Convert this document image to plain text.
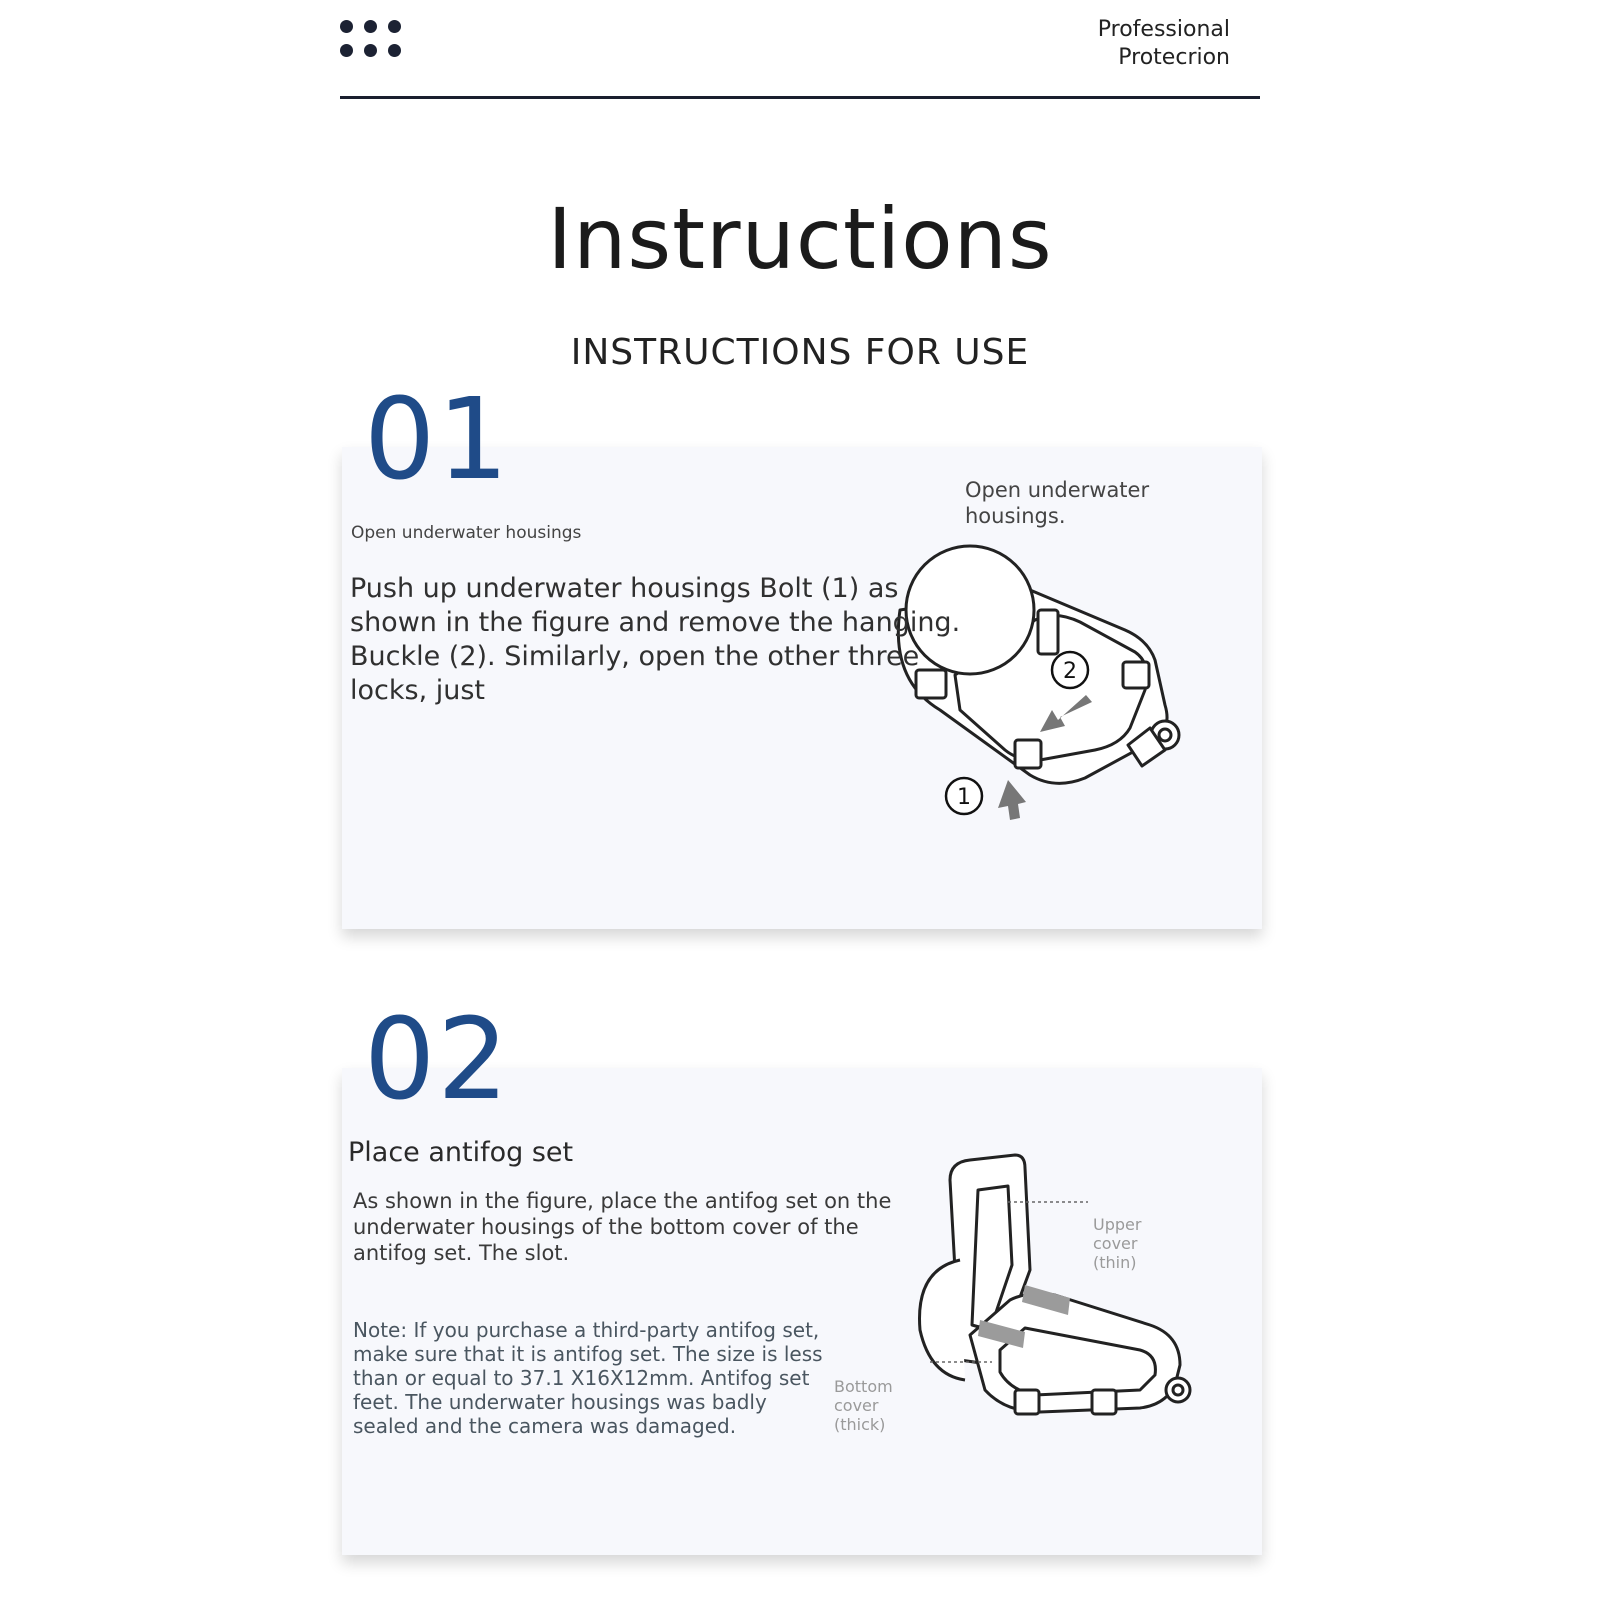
Professional
Protecrion
Instructions
INSTRUCTIONS FOR USE
01
Open underwater housings
Open underwater housings.
2
1
Push up underwater housings Bolt (1) as shown in the figure and remove the hanging. Buckle (2). Similarly, open the other three locks, just
02
Place antifog set
As shown in the figure, place the antifog set on the underwater housings of the bottom cover of the antifog set. The slot.
Note: If you purchase a third-party antifog set, make sure that it is antifog set. The size is less than or equal to 37.1 X16X12mm. Antifog set feet. The underwater housings was badly sealed and the camera was damaged.
Upper
cover
(thin)
Bottom
cover
(thick)
